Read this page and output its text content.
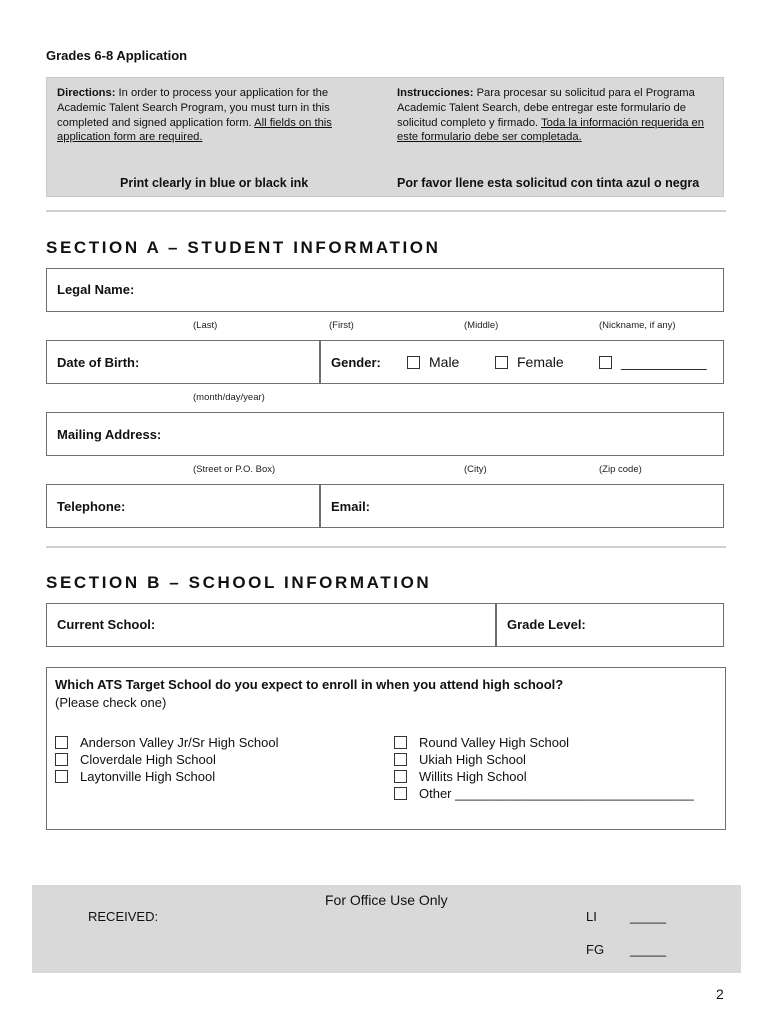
Grades 6-8 Application
Directions: In order to process your application for the Academic Talent Search Program, you must turn in this completed and signed application form. All fields on this application form are required.
Instrucciones: Para procesar su solicitud para el Programa Academic Talent Search, debe entregar este formulario de solicitud completo y firmado. Toda la información requerida en este formulario debe ser completada.
Print clearly in blue or black ink	Por favor llene esta solicitud con tinta azul o negra
SECTION A – STUDENT INFORMATION
Legal Name:
(Last)	(First)	(Middle)	(Nickname, if any)
Date of Birth:	Gender:	Male	Female	___________
(month/day/year)
Mailing Address:
(Street or P.O. Box)	(City)	(Zip code)
Telephone:	Email:
SECTION B – SCHOOL INFORMATION
Current School:	Grade Level:
Which ATS Target School do you expect to enroll in when you attend high school?
(Please check one)
Anderson Valley Jr/Sr High School
Cloverdale High School
Laytonville High School
Round Valley High School
Ukiah High School
Willits High School
Other _________________________________
For Office Use Only
RECEIVED:	LI	_____
FG _____
2
